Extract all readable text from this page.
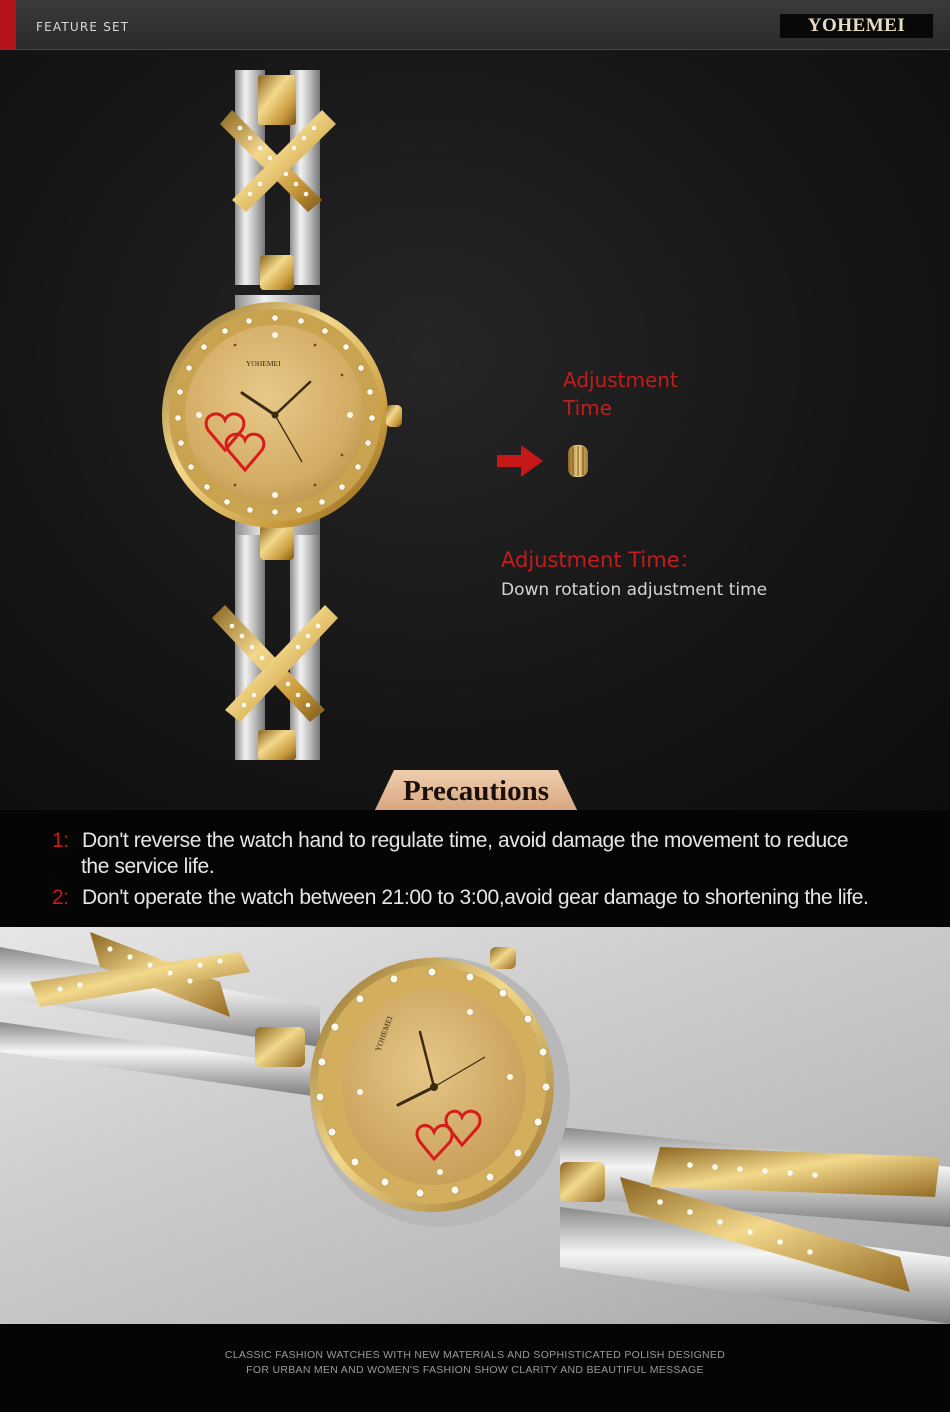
FEATURE SET	YOHEMEI
YOHEMEI
Adjustment
Time
Adjustment Time：
Down rotation adjustment time
Precautions
1: Don't reverse the watch hand to regulate time, avoid damage the movement to reduce
the service life.
2: Don't operate the watch between 21:00 to 3:00,avoid gear damage to shortening the life.
YOHEMEI
CLASSIC FASHION WATCHES WITH NEW MATERIALS AND SOPHISTICATED POLISH DESIGNED
FOR URBAN MEN AND WOMEN'S FASHION SHOW CLARITY AND BEAUTIFUL MESSAGE
